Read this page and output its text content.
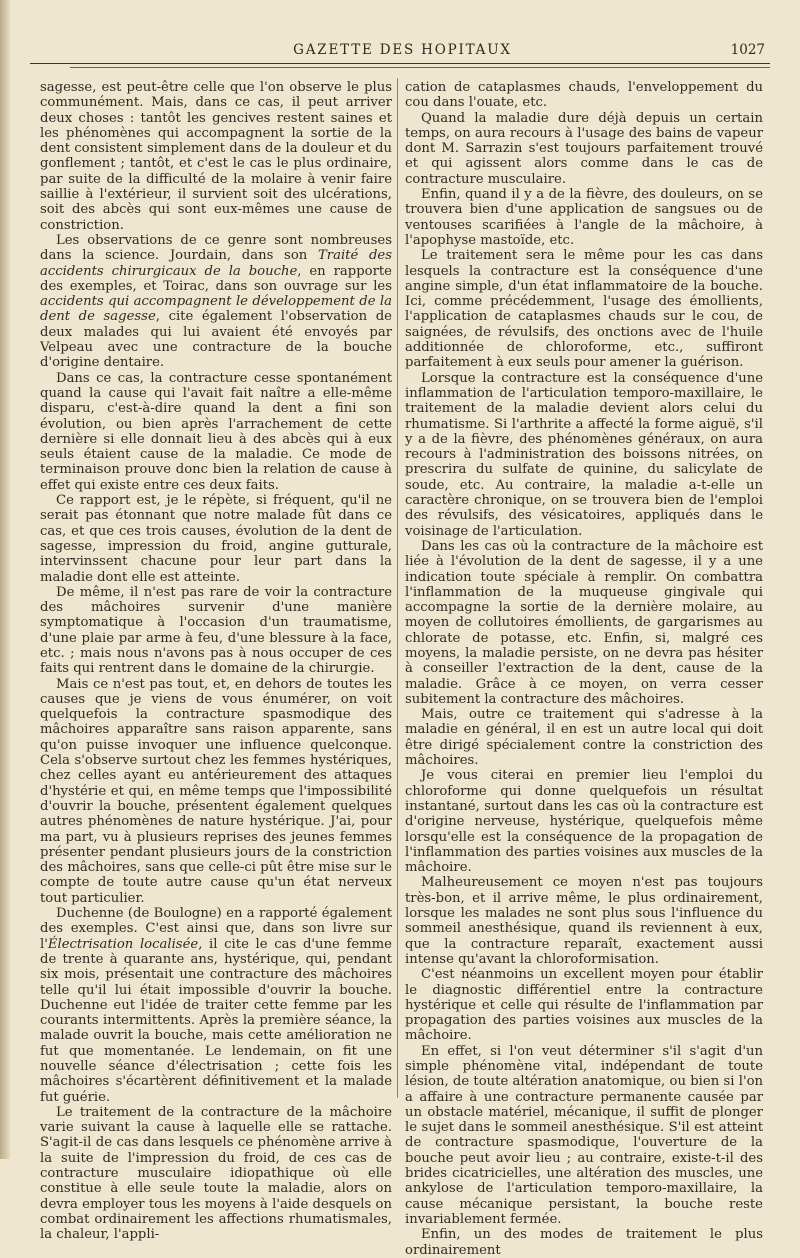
GAZETTE DES HOPITAUX	1027

sagesse, est peut-être celle que l'on observe le plus communément. Mais, dans ce cas, il peut arriver deux choses : tantôt les gencives restent saines et les phénomènes qui accompagnent la sortie de la dent consistent simplement dans de la douleur et du gonflement ; tantôt, et c'est le cas le plus ordinaire, par suite de la difficulté de la molaire à venir faire saillie à l'extérieur, il survient soit des ulcérations, soit des abcès qui sont eux-mêmes une cause de constriction.

Les observations de ce genre sont nombreuses dans la science. Jourdain, dans son Traité des accidents chirurgicaux de la bouche, en rapporte des exemples, et Toirac, dans son ouvrage sur les accidents qui accompagnent le développement de la dent de sagesse, cite également l'observation de deux malades qui lui avaient été envoyés par Velpeau avec une contracture de la bouche d'origine dentaire.

Dans ce cas, la contracture cesse spontanément quand la cause qui l'avait fait naître a elle-même disparu, c'est-à-dire quand la dent a fini son évolution, ou bien après l'arrachement de cette dernière si elle donnait lieu à des abcès qui à eux seuls étaient cause de la maladie. Ce mode de terminaison prouve donc bien la relation de cause à effet qui existe entre ces deux faits.

Ce rapport est, je le répète, si fréquent, qu'il ne serait pas étonnant que notre malade fût dans ce cas, et que ces trois causes, évolution de la dent de sagesse, impression du froid, angine gutturale, intervinssent chacune pour leur part dans la maladie dont elle est atteinte.

De même, il n'est pas rare de voir la contracture des mâchoires survenir d'une manière symptomatique à l'occasion d'un traumatisme, d'une plaie par arme à feu, d'une blessure à la face, etc. ; mais nous n'avons pas à nous occuper de ces faits qui rentrent dans le domaine de la chirurgie.

Mais ce n'est pas tout, et, en dehors de toutes les causes que je viens de vous énumérer, on voit quelquefois la contracture spasmodique des mâchoires apparaître sans raison apparente, sans qu'on puisse invoquer une influence quelconque. Cela s'observe surtout chez les femmes hystériques, chez celles ayant eu antérieurement des attaques d'hystérie et qui, en même temps que l'impossibilité d'ouvrir la bouche, présentent également quelques autres phénomènes de nature hystérique. J'ai, pour ma part, vu à plusieurs reprises des jeunes femmes présenter pendant plusieurs jours de la constriction des mâchoires, sans que celle-ci pût être mise sur le compte de toute autre cause qu'un état nerveux tout particulier.

Duchenne (de Boulogne) en a rapporté également des exemples. C'est ainsi que, dans son livre sur l'Électrisation localisée, il cite le cas d'une femme de trente à quarante ans, hystérique, qui, pendant six mois, présentait une contracture des mâchoires telle qu'il lui était impossible d'ouvrir la bouche. Duchenne eut l'idée de traiter cette femme par les courants intermittents. Après la première séance, la malade ouvrit la bouche, mais cette amélioration ne fut que momentanée. Le lendemain, on fit une nouvelle séance d'électrisation ; cette fois les mâchoires s'écartèrent définitivement et la malade fut guérie.

Le traitement de la contracture de la mâchoire varie suivant la cause à laquelle elle se rattache. S'agit-il de cas dans lesquels ce phénomène arrive à la suite de l'impression du froid, de ces cas de contracture musculaire idiopathique où elle constitue à elle seule toute la maladie, alors on devra employer tous les moyens à l'aide desquels on combat ordinairement les affections rhumatismales, la chaleur, l'appli-

cation de cataplasmes chauds, l'enveloppement du cou dans l'ouate, etc.

Quand la maladie dure déjà depuis un certain temps, on aura recours à l'usage des bains de vapeur dont M. Sarrazin s'est toujours parfaitement trouvé et qui agissent alors comme dans le cas de contracture musculaire.

Enfin, quand il y a de la fièvre, des douleurs, on se trouvera bien d'une application de sangsues ou de ventouses scarifiées à l'angle de la mâchoire, à l'apophyse mastoïde, etc.

Le traitement sera le même pour les cas dans lesquels la contracture est la conséquence d'une angine simple, d'un état inflammatoire de la bouche. Ici, comme précédemment, l'usage des émollients, l'application de cataplasmes chauds sur le cou, de saignées, de révulsifs, des onctions avec de l'huile additionnée de chloroforme, etc., suffiront parfaitement à eux seuls pour amener la guérison.

Lorsque la contracture est la conséquence d'une inflammation de l'articulation temporo-maxillaire, le traitement de la maladie devient alors celui du rhumatisme. Si l'arthrite a affecté la forme aiguë, s'il y a de la fièvre, des phénomènes généraux, on aura recours à l'administration des boissons nitrées, on prescrira du sulfate de quinine, du salicylate de soude, etc. Au contraire, la maladie a-t-elle un caractère chronique, on se trouvera bien de l'emploi des révulsifs, des vésicatoires, appliqués dans le voisinage de l'articulation.

Dans les cas où la contracture de la mâchoire est liée à l'évolution de la dent de sagesse, il y a une indication toute spéciale à remplir. On combattra l'inflammation de la muqueuse gingivale qui accompagne la sortie de la dernière molaire, au moyen de collutoires émollients, de gargarismes au chlorate de potasse, etc. Enfin, si, malgré ces moyens, la maladie persiste, on ne devra pas hésiter à conseiller l'extraction de la dent, cause de la maladie. Grâce à ce moyen, on verra cesser subitement la contracture des mâchoires.

Mais, outre ce traitement qui s'adresse à la maladie en général, il en est un autre local qui doit être dirigé spécialement contre la constriction des mâchoires.

Je vous citerai en premier lieu l'emploi du chloroforme qui donne quelquefois un résultat instantané, surtout dans les cas où la contracture est d'origine nerveuse, hystérique, quelquefois même lorsqu'elle est la conséquence de la propagation de l'inflammation des parties voisines aux muscles de la mâchoire.

Malheureusement ce moyen n'est pas toujours très-bon, et il arrive même, le plus ordinairement, lorsque les malades ne sont plus sous l'influence du sommeil anesthésique, quand ils reviennent à eux, que la contracture reparaît, exactement aussi intense qu'avant la chloroformisation.

C'est néanmoins un excellent moyen pour établir le diagnostic différentiel entre la contracture hystérique et celle qui résulte de l'inflammation par propagation des parties voisines aux muscles de la mâchoire.

En effet, si l'on veut déterminer s'il s'agit d'un simple phénomène vital, indépendant de toute lésion, de toute altération anatomique, ou bien si l'on a affaire à une contracture permanente causée par un obstacle matériel, mécanique, il suffit de plonger le sujet dans le sommeil anesthésique. S'il est atteint de contracture spasmodique, l'ouverture de la bouche peut avoir lieu ; au contraire, existe-t-il des brides cicatricielles, une altération des muscles, une ankylose de l'articulation temporo-maxillaire, la cause mécanique persistant, la bouche reste invariablement fermée.

Enfin, un des modes de traitement le plus ordinairement
